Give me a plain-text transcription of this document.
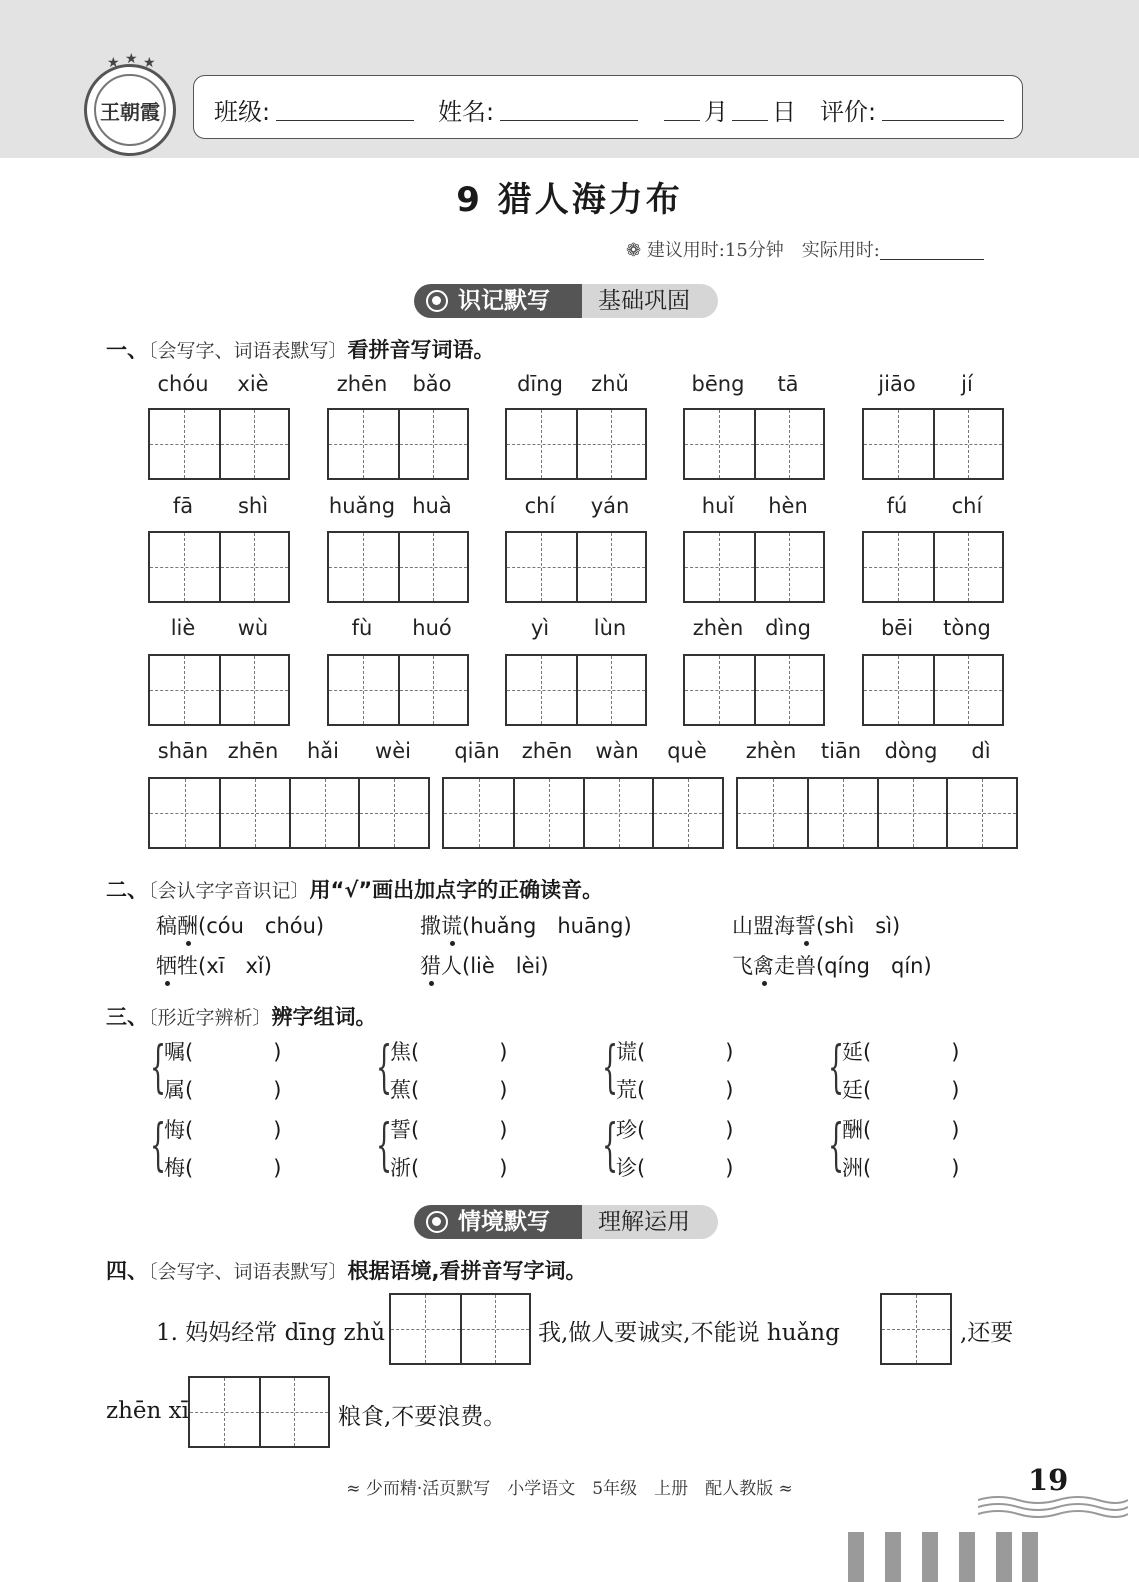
★ ★ ★
王朝霞 班级:	姓名:	月 日 评价:
9 猎人海力布
❁ 建议用时:15分钟　实际用时:
识记默写	基础巩固
一、〔会写字、词语表默写〕看拼音写词语。
chóu	xiè	zhēn	bǎo	dīng	zhǔ	bēng	tā	jiāo	jí
fā	shì	huǎng huà	chí	yán	huǐ	hèn	fú	chí
liè	wù	fù	huó	yì	lùn	zhèn	dìng	bēi	tòng
shān zhēn	hǎi	wèi	qiān	zhēn	wàn	què	zhèn	tiān	dòng	dì
二、〔会认字字音识记〕用“√”画出加点字的正确读音。
稿酬(cóu　chóu)	撒谎(huǎng　huāng)	山盟海誓(shì　sì)
牺牲(xī　xǐ)	猎人(liè　lèi)	飞禽走兽(qíng　qín)
三、〔形近字辨析〕辨字组词。
{
嘱(	)
属(	) {
焦(	)
蕉(	) {
谎(	)
荒(	) {
延(	)
廷(	)
{
悔(	)
梅(	) {
誓(	)
浙(	) {
珍(	)
诊(	) {
酬(	)
洲(	)
情境默写	理解运用
四、〔会写字、词语表默写〕根据语境,看拼音写字词。
1. 妈妈经常 dīng zhǔ	我,做人要诚实,不能说 huǎng	,还要
zhēn xī	粮食,不要浪费。
≈ 少而精·活页默写　小学语文　5年级　上册　配人教版 ≈	19
